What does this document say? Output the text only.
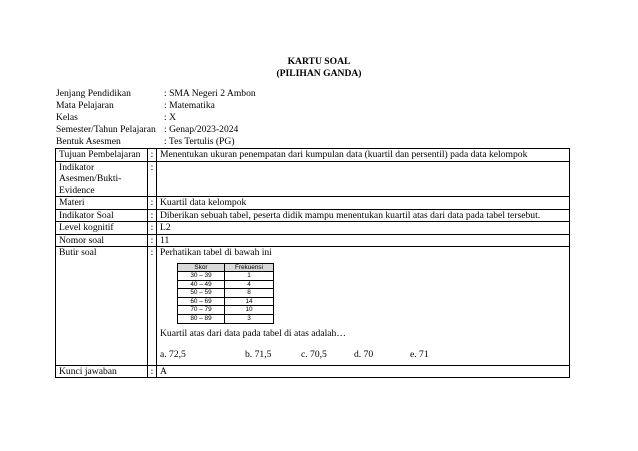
KARTU SOAL
(PILIHAN GANDA)
Jenjang Pendidikan	: SMA Negeri 2 Ambon
Mata Pelajaran	: Matematika
Kelas	: X
Semester/Tahun Pelajaran : Genap/2023-2024
Bentuk Asesmen	: Tes Tertulis (PG)
Tujuan Pembelajaran	:	Menentukan ukuran penempatan dari kumpulan data (kuartil dan persentil) pada data kelompok

Indikator
Asesmen/Bukti-Evidence
	:	
Materi	:	Kuartil data kelompok
Indikator Soal	:	Diberikan sebuah tabel, peserta didik mampu menentukan kuartil atas dari data pada tabel tersebut.
Level kognitif	:	L2
Nomor soal	:	11
Butir soal	:	Perhatikan tabel di bawah ini
Skor	Frekuensi
30 – 39	1
40 – 49	4
50 – 59	8
60 – 69	14
70 – 79	10
80 – 89	3
Kuartil atas dari data pada tabel di atas adalah…
a. 72,5	b. 71,5	c. 70,5	d. 70	e. 71

Kunci jawaban	:	A
